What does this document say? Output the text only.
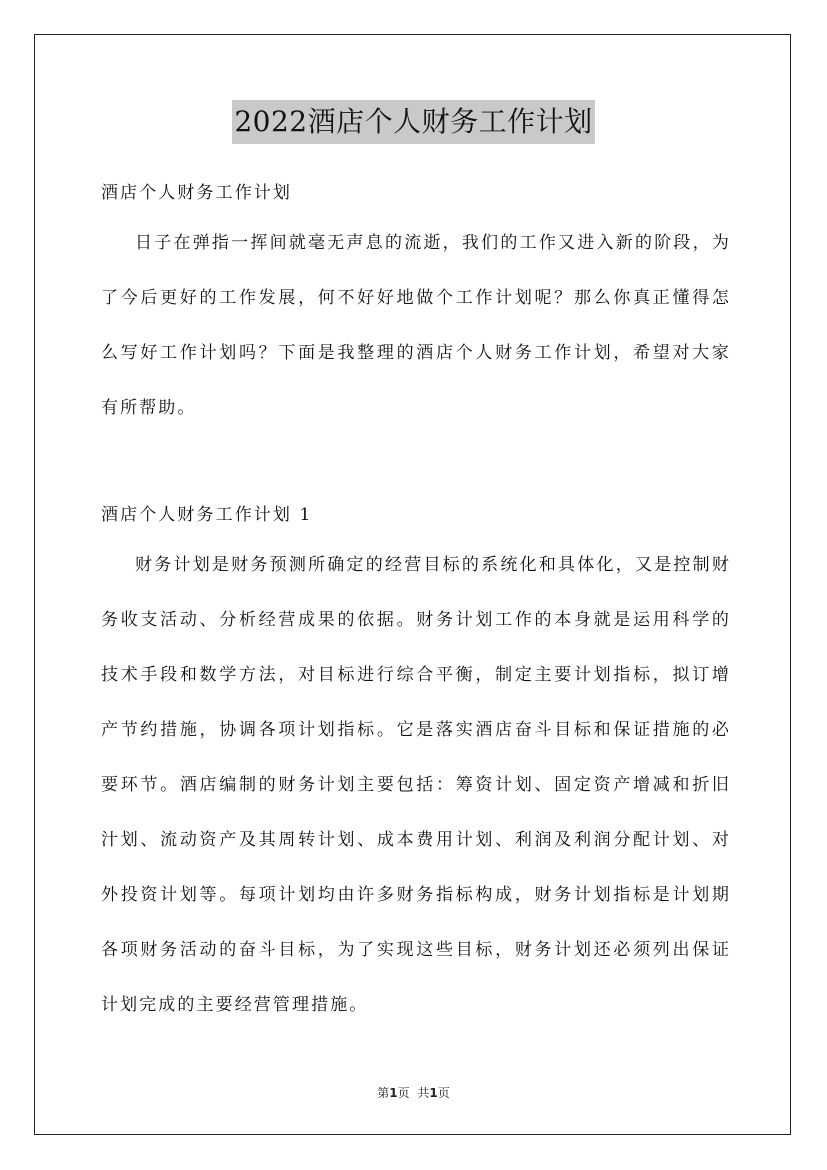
2022酒店个人财务工作计划
酒店个人财务工作计划

日子在弹指一挥间就毫无声息的流逝，我们的工作又进入新的阶段，为了今后更好的工作发展，何不好好地做个工作计划呢？那么你真正懂得怎么写好工作计划吗？下面是我整理的酒店个人财务工作计划，希望对大家有所帮助。

酒店个人财务工作计划 1

财务计划是财务预测所确定的经营目标的系统化和具体化，又是控制财务收支活动、分析经营成果的依据。财务计划工作的本身就是运用科学的技术手段和数学方法，对目标进行综合平衡，制定主要计划指标，拟订增产节约措施，协调各项计划指标。它是落实酒店奋斗目标和保证措施的必要环节。酒店编制的财务计划主要包括：筹资计划、固定资产增减和折旧汁划、流动资产及其周转计划、成本费用计划、利润及利润分配计划、对外投资计划等。每项计划均由许多财务指标构成，财务计划指标是计划期各项财务活动的奋斗目标，为了实现这些目标，财务计划还必须列出保证计划完成的主要经营管理措施。

第1页 共1页
